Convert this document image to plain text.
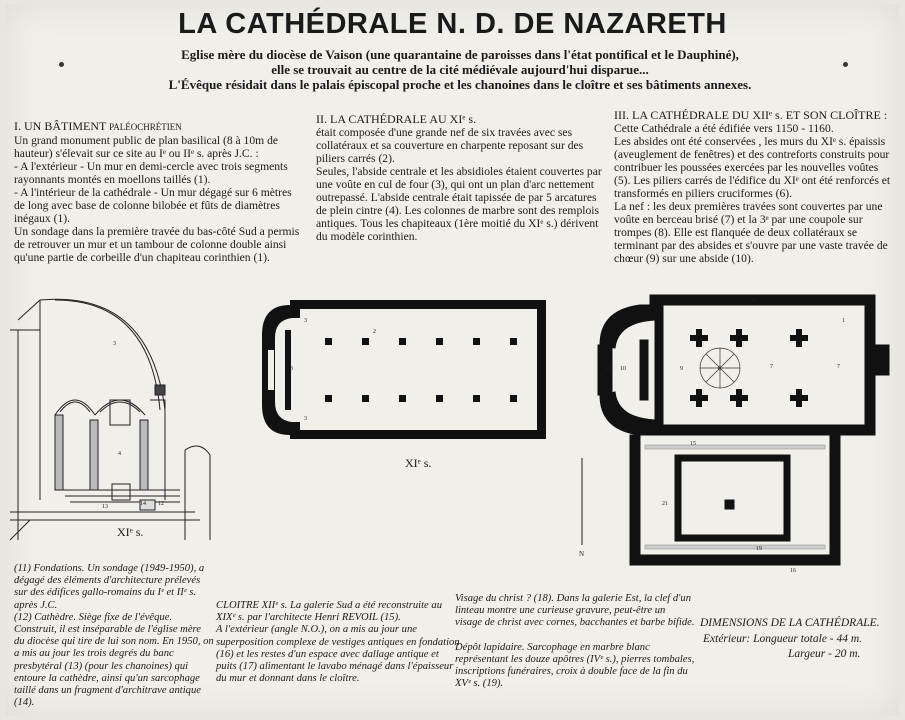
LA CATHÉDRALE N. D. DE NAZARETH
Eglise mère du diocèse de Vaison (une quarantaine de paroisses dans l'état pontifical et le Dauphiné),
elle se trouvait au centre de la cité médiévale aujourd'hui disparue...
L'Évêque résidait dans le palais épiscopal proche et les chanoines dans le cloître et ses bâtiments annexes.
I. UN BÂTIMENT PALÉOCHRÉTIEN
Un grand monument public de plan basilical (8 à 10m de hauteur) s'élevait sur ce site au Iᵉ ou IIᵉ s. après J.C. :
- A l'extérieur - Un mur en demi-cercle avec trois segments rayonnants montés en moellons taillés (1).
- A l'intérieur de la cathédrale - Un mur dégagé sur 6 mètres de long avec base de colonne bilobée et fûts de diamètres inégaux (1).
Un sondage dans la première travée du bas-côté Sud a permis de retrouver un mur et un tambour de colonne double ainsi qu'une partie de corbeille d'un chapiteau corinthien (1).
II. LA CATHÉDRALE AU XIᵉ s.
était composée d'une grande nef de six travées avec ses collatéraux et sa couverture en charpente reposant sur des piliers carrés (2).
Seules, l'abside centrale et les absidioles étaient couvertes par une voûte en cul de four (3), qui ont un plan d'arc nettement outrepassé. L'abside centrale était tapissée de par 5 arcatures de plein cintre (4). Les colonnes de marbre sont des remplois antiques. Tous les chapiteaux (1ère moitié du XIᵉ s.) dérivent du modèle corinthien.
III. LA CATHÉDRALE DU XIIᵉ s. ET SON CLOÎTRE :
Cette Cathédrale a été édifiée vers 1150 - 1160.
Les absides ont été conservées , les murs du XIᵉ s. épaissis (aveuglement de fenêtres) et des contreforts construits pour contribuer les poussées exercées par les nouvelles voûtes (5). Les piliers carrés de l'édifice du XIᵉ ont été renforcés et transformés en piliers cruciformes (6).
La nef : les deux premières travées sont couvertes par une voûte en berceau brisé (7) et la 3ᵉ par une coupole sur trompes (8). Elle est flanquée de deux collatéraux se terminant par des absides et s'ouvre par une vaste travée de chœur (9) sur une abside (10).
3
4
13	14 12
N
5
1
7	7
8
9
10
11
15
21
19
16
2
3
3
3
XIᵉ s.
XIᵉ s.
(11) Fondations. Un sondage (1949-1950), a dégagé des éléments d'architecture prélevés sur des édifices gallo-romains du Iᵉ et IIᵉ s. après J.C.
(12) Cathèdre. Siège fixe de l'évêque. Construit, il est inséparable de l'église mère du diocèse qui tire de lui son nom. En 1950, on a mis au jour les trois degrés du banc presbytéral (13) (pour les chanoines) qui entoure la cathèdre, ainsi qu'un sarcophage taillé dans un fragment d'architrave antique (14).
CLOITRE XIIᵉ s. La galerie Sud a été reconstruite au XIXᵉ s. par l'architecte Henri REVOIL (15).
A l'extérieur (angle N.O.), on a mis au jour une superposition complexe de vestiges antiques en fondation (16) et les restes d'un espace avec dallage antique et puits (17) alimentant le lavabo ménagé dans l'épaisseur du mur et donnant dans le cloître.
Visage du christ ? (18). Dans la galerie Est, la clef d'un linteau montre une curieuse gravure, peut-être un visage de christ avec cornes, bacchantes et barbe bifide.

Dépôt lapidaire. Sarcophage en marbre blanc représentant les douze apôtres (IVᵉ s.), pierres tombales, inscriptions funéraires, croix à double face de la fin du XVᵉ s. (19).
DIMENSIONS DE LA CATHÉDRALE.
Extérieur: Longueur totale - 44 m.
Largeur - 20 m.
